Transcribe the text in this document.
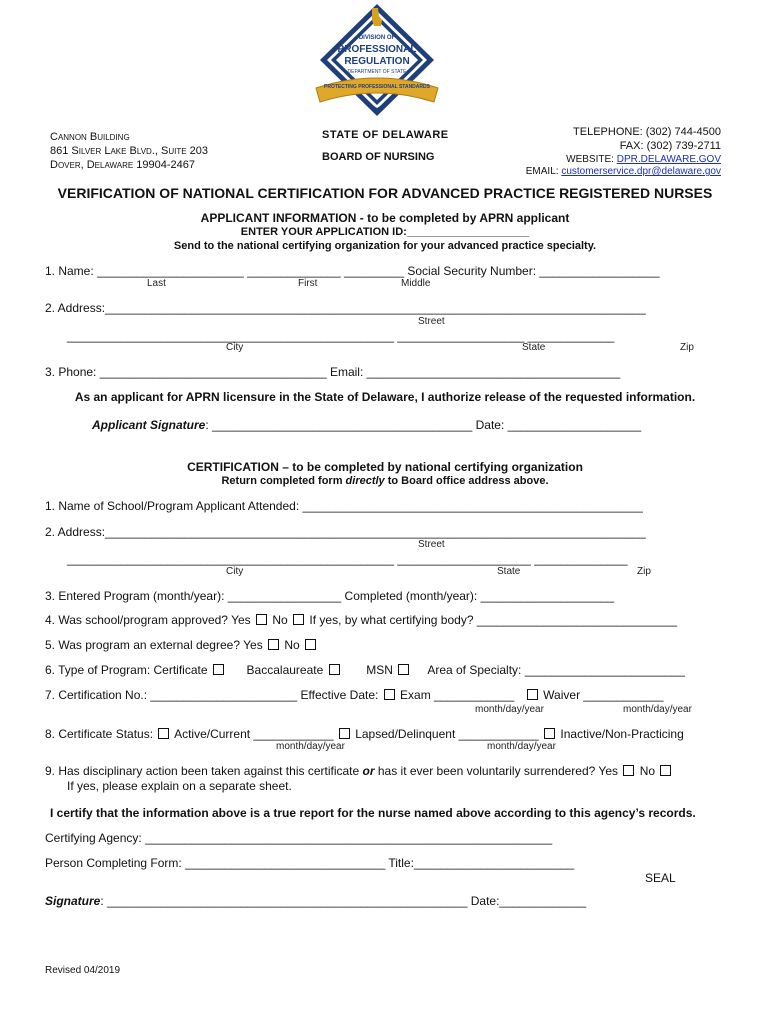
DIVISION OF
PROFESSIONAL
REGULATION
DEPARTMENT OF STATE
PROTECTING PROFESSIONAL STANDARDS
Cannon Building
861 Silver Lake Blvd., Suite 203
Dover, Delaware 19904-2467
STATE OF DELAWARE
BOARD OF NURSING
TELEPHONE: (302) 744-4500
FAX: (302) 739-2711
WEBSITE: DPR.DELAWARE.GOV
EMAIL: customerservice.dpr@delaware.gov
VERIFICATION OF NATIONAL CERTIFICATION FOR ADVANCED PRACTICE REGISTERED NURSES
APPLICANT INFORMATION - to be completed by APRN applicant
ENTER YOUR APPLICATION ID:____________________
Send to the national certifying organization for your advanced practice specialty.
1. Name: ______________________ ______________ _________ Social Security Number: __________________
Last	First	Middle
2. Address:_________________________________________________________________________________
Street
_________________________________________________ ___________________ _____________
City	State	Zip
3. Phone: __________________________________ Email: ______________________________________
As an applicant for APRN licensure in the State of Delaware, I authorize release of the requested information.
Applicant Signature: _______________________________________ Date: ____________________
CERTIFICATION – to be completed by national certifying organization
Return completed form directly to Board office address above.
1. Name of School/Program Applicant Attended: ___________________________________________________
2. Address:_________________________________________________________________________________
Street
_________________________________________________ ____________________ ______________
City	State	Zip
3. Entered Program (month/year): _________________ Completed (month/year): ____________________
4. Was school/program approved? Yes No If yes, by what certifying body? ______________________________
5. Was program an external degree? Yes No
6. Type of Program: Certificate	Baccalaureate	MSN	Area of Specialty: ________________________
7. Certification No.: ______________________ Effective Date: Exam ____________ Waiver ____________
month/day/year	month/day/year
8. Certificate Status: Active/Current ____________ Lapsed/Delinquent ____________ Inactive/Non-Practicing
month/day/year	month/day/year
9. Has disciplinary action been taken against this certificate or has it ever been voluntarily surrendered? Yes No
If yes, please explain on a separate sheet.
I certify that the information above is a true report for the nurse named above according to this agency’s records.
Certifying Agency: _____________________________________________________________
Person Completing Form: ______________________________ Title:________________________
SEAL
Signature: ______________________________________________________ Date:_____________
Revised 04/2019
